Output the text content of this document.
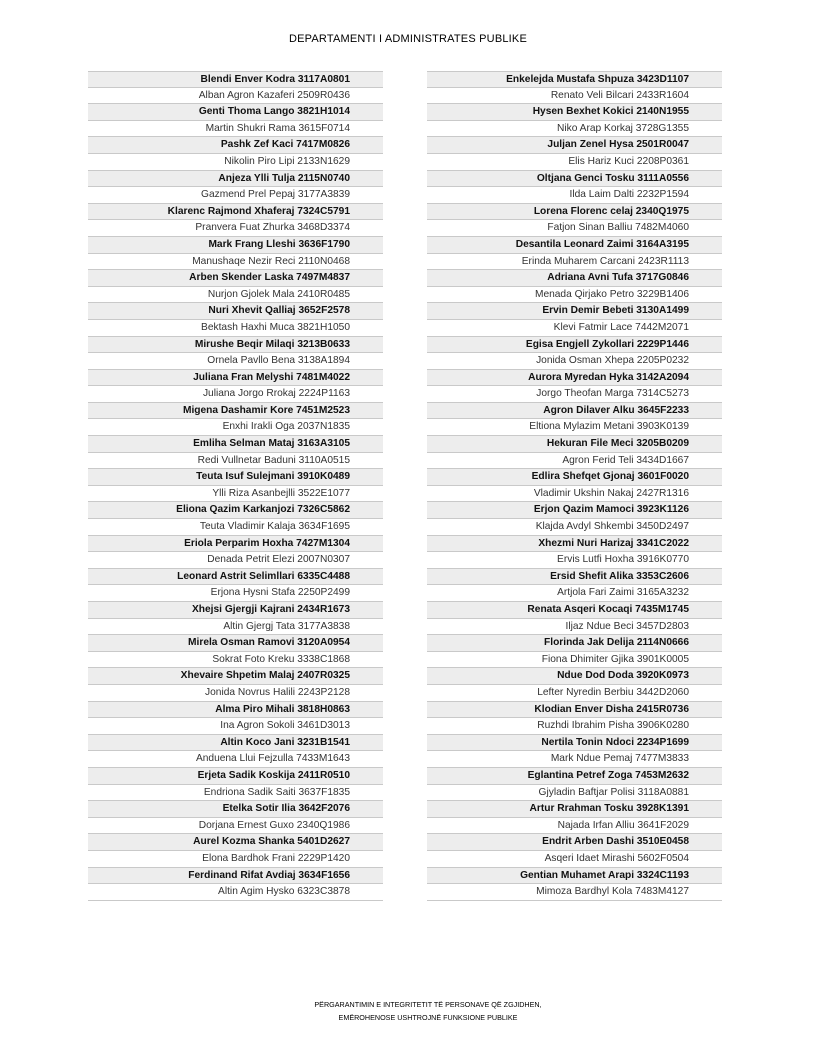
DEPARTAMENTI I ADMINISTRATES PUBLIKE
Blendi Enver Kodra 3117A0801
Alban Agron Kazaferi 2509R0436
Genti Thoma Lango 3821H1014
Martin Shukri Rama 3615F0714
Pashk Zef Kaci 7417M0826
Nikolin Piro Lipi 2133N1629
Anjeza Ylli Tulja 2115N0740
Gazmend Prel Pepaj 3177A3839
Klarenc Rajmond Xhaferaj 7324C5791
Pranvera Fuat Zhurka 3468D3374
Mark Frang Lleshi 3636F1790
Manushaqe Nezir Reci 2110N0468
Arben Skender Laska 7497M4837
Nurjon Gjolek Mala 2410R0485
Nuri Xhevit Qalliaj 3652F2578
Bektash Haxhi Muca 3821H1050
Mirushe Beqir Milaqi 3213B0633
Ornela Pavllo Bena 3138A1894
Juliana Fran Melyshi 7481M4022
Juliana Jorgo Rrokaj 2224P1163
Migena Dashamir Kore 7451M2523
Enxhi Irakli Oga 2037N1835
Emliha Selman Mataj 3163A3105
Redi Vullnetar Baduni 3110A0515
Teuta Isuf Sulejmani 3910K0489
Ylli Riza Asanbejlli 3522E1077
Eliona Qazim Karkanjozi 7326C5862
Teuta Vladimir Kalaja 3634F1695
Eriola Perparim Hoxha 7427M1304
Denada Petrit Elezi 2007N0307
Leonard Astrit Selimllari 6335C4488
Erjona Hysni Stafa 2250P2499
Xhejsi Gjergji Kajrani 2434R1673
Altin Gjergj Tata 3177A3838
Mirela Osman Ramovi 3120A0954
Sokrat Foto Kreku 3338C1868
Xhevaire Shpetim Malaj 2407R0325
Jonida Novrus Halili 2243P2128
Alma Piro Mihali 3818H0863
Ina Agron Sokoli 3461D3013
Altin Koco Jani 3231B1541
Anduena Llui Fejzulla 7433M1643
Erjeta Sadik Koskija 2411R0510
Endriona Sadik Saiti 3637F1835
Etelka Sotir Ilia 3642F2076
Dorjana Ernest Guxo 2340Q1986
Aurel Kozma Shanka 5401D2627
Elona Bardhok Frani 2229P1420
Ferdinand Rifat Avdiaj 3634F1656
Altin Agim Hysko 6323C3878
Enkelejda Mustafa Shpuza 3423D1107
Renato Veli Bilcari 2433R1604
Hysen Bexhet Kokici 2140N1955
Niko Arap Korkaj 3728G1355
Juljan Zenel Hysa 2501R0047
Elis Hariz Kuci 2208P0361
Oltjana Genci Tosku 3111A0556
Ilda Laim Dalti 2232P1594
Lorena Florenc celaj 2340Q1975
Fatjon Sinan Balliu 7482M4060
Desantila Leonard Zaimi 3164A3195
Erinda Muharem Carcani 2423R1113
Adriana Avni Tufa 3717G0846
Menada Qirjako Petro 3229B1406
Ervin Demir Bebeti 3130A1499
Klevi Fatmir Lace 7442M2071
Egisa Engjell Zykollari 2229P1446
Jonida Osman Xhepa 2205P0232
Aurora Myredan Hyka 3142A2094
Jorgo Theofan Marga 7314C5273
Agron Dilaver Alku 3645F2233
Eltiona Mylazim Metani 3903K0139
Hekuran File Meci 3205B0209
Agron Ferid Teli 3434D1667
Edlira Shefqet Gjonaj 3601F0020
Vladimir Ukshin Nakaj 2427R1316
Erjon Qazim Mamoci 3923K1126
Klajda Avdyl Shkembi 3450D2497
Xhezmi Nuri Harizaj 3341C2022
Ervis Lutfi Hoxha 3916K0770
Ersid Shefit Alika 3353C2606
Artjola Fari Zaimi 3165A3232
Renata Asqeri Kocaqi 7435M1745
Iljaz Ndue Beci 3457D2803
Florinda Jak Delija 2114N0666
Fiona Dhimiter Gjika 3901K0005
Ndue Dod Doda 3920K0973
Lefter Nyredin Berbiu 3442D2060
Klodian Enver Disha 2415R0736
Ruzhdi Ibrahim Pisha 3906K0280
Nertila Tonin Ndoci 2234P1699
Mark Ndue Pemaj 7477M3833
Eglantina Petref Zoga 7453M2632
Gjyladin Baftjar Polisi 3118A0881
Artur Rrahman Tosku 3928K1391
Najada Irfan Alliu 3641F2029
Endrit Arben Dashi 3510E0458
Asqeri Idaet Mirashi 5602F0504
Gentian Muhamet Arapi 3324C1193
Mimoza Bardhyl Kola 7483M4127
PËRGARANTIMIN E INTEGRITETIT TË PERSONAVE QË ZGJIDHEN,
EMËROHENOSE USHTROJNË FUNKSIONE PUBLIKE
